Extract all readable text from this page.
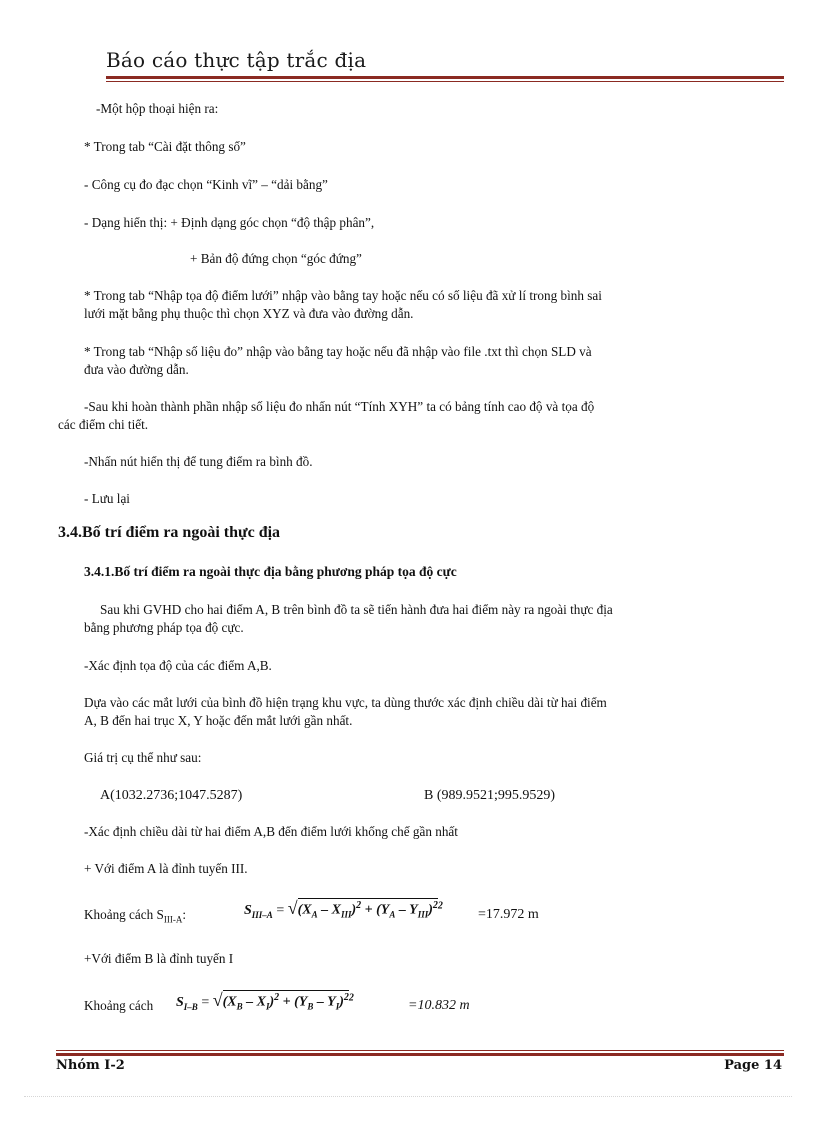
Báo cáo thực tập trắc địa
-Một hộp thoại hiện ra:
* Trong tab “Cài đặt thông số”
- Công cụ đo đạc chọn “Kinh vĩ” – “dải bằng”
- Dạng hiển thị: + Định dạng góc chọn “độ thập phân”,
+ Bản độ đứng chọn “góc đứng”
* Trong tab “Nhập tọa độ điểm lưới” nhập vào bằng tay hoặc nếu có số liệu đã xử lí trong bình sai
lưới mặt bằng phụ thuộc thì chọn XYZ và đưa vào đường dẫn.
* Trong tab “Nhập số liệu đo” nhập vào bằng tay hoặc nếu đã nhập vào file .txt thì chọn SLD và
đưa vào đường dẫn.
-Sau khi hoàn thành phần nhập số liệu đo nhấn nút “Tính XYH” ta có bảng tính cao độ và tọa độ
các điểm chi tiết.
-Nhấn nút hiển thị để tung điểm ra bình đồ.
- Lưu lại
3.4.Bố trí điểm ra ngoài thực địa
3.4.1.Bố trí điểm ra ngoài thực địa bằng phương pháp tọa độ cực
Sau khi GVHD cho hai điểm A, B trên bình đồ ta sẽ tiến hành đưa hai điểm này ra ngoài thực địa
bằng phương pháp tọa độ cực.
-Xác định tọa độ của các điểm A,B.
Dựa vào các mắt lưới của bình đồ hiện trạng khu vực, ta dùng thước xác định chiều dài từ hai điểm
A, B đến hai trục X, Y hoặc đến mắt lưới gần nhất.
Giá trị cụ thể như sau:
A(1032.2736;1047.5287)	B (989.9521;995.9529)
-Xác định chiều dài từ hai điểm A,B đến điểm lưới khống chế gần nhất
+ Với điểm A là đỉnh tuyến III.
Khoảng cách $S_{III-A}$:	$S_{III-A} = √(X_A - X_{III})^2 + (Y_A - Y_{III})^{22}$
=17.972 m
+Với điểm B là đỉnh tuyến I
Khoảng cách $S_{I-B} = √(X_B - X_I)^2 + (Y_B - Y_I)^{22}$
=10.832 m
Nhóm I-2	Page 14
